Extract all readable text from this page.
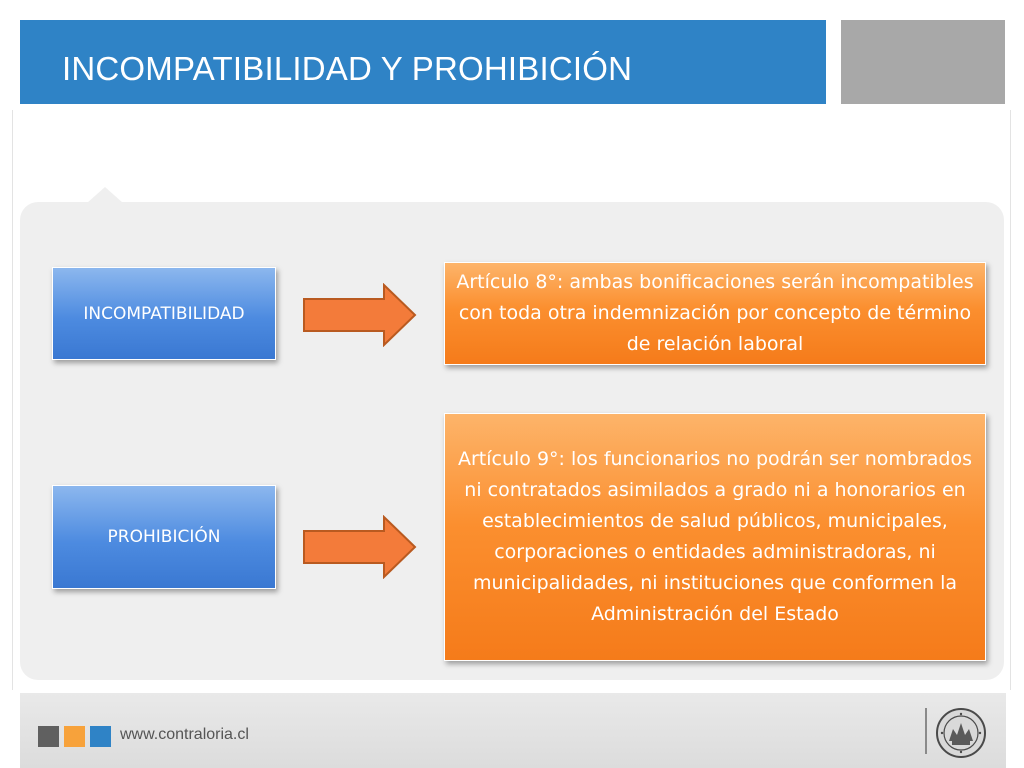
INCOMPATIBILIDAD Y PROHIBICIÓN
INCOMPATIBILIDAD
Artículo 8°: ambas bonificaciones serán incompatibles con toda otra indemnización por concepto de término de relación laboral
PROHIBICIÓN
Artículo 9°: los funcionarios no podrán ser nombrados ni contratados asimilados a grado ni a honorarios en establecimientos de salud públicos, municipales, corporaciones o entidades administradoras, ni municipalidades, ni instituciones que conformen la Administración del Estado
www.contraloria.cl
